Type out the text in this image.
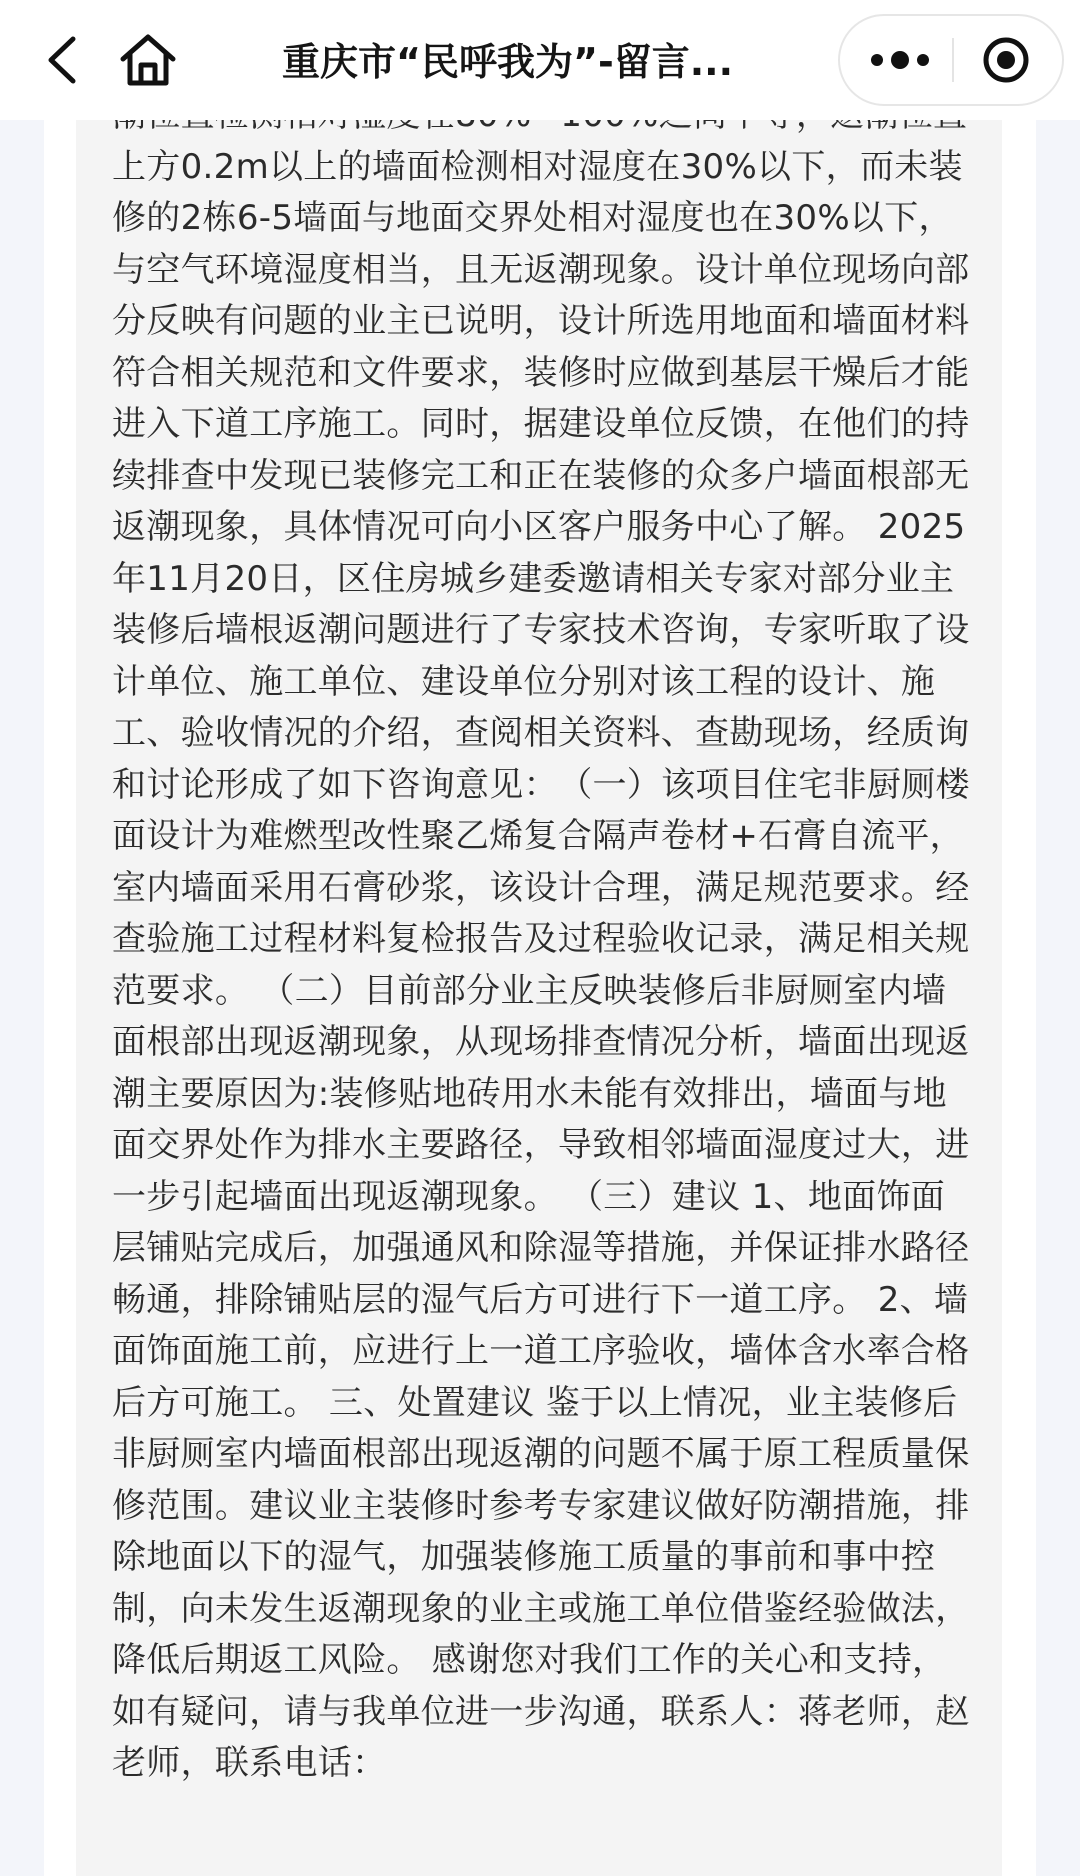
重庆市“民呼我为”-留言...

上方0.2m以上的墙面检测相对湿度在30%以下，而未装修的2栋6-5墙面与地面交界处相对湿度也在30%以下，与空气环境湿度相当，且无返潮现象。设计单位现场向部分反映有问题的业主已说明，设计所选用地面和墙面材料符合相关规范和文件要求，装修时应做到基层干燥后才能进入下道工序施工。同时，据建设单位反馈，在他们的持续排查中发现已装修完工和正在装修的众多户墙面根部无返潮现象，具体情况可向小区客户服务中心了解。 2025年11月20日，区住房城乡建委邀请相关专家对部分业主装修后墙根返潮问题进行了专家技术咨询，专家听取了设计单位、施工单位、建设单位分别对该工程的设计、施工、验收情况的介绍，查阅相关资料、查勘现场，经质询和讨论形成了如下咨询意见：　（一）该项目住宅非厨厕楼面设计为难燃型改性聚乙烯复合隔声卷材+石膏自流平，室内墙面采用石膏砂浆，该设计合理，满足规范要求。经查验施工过程材料复检报告及过程验收记录，满足相关规范要求。 （二）目前部分业主反映装修后非厨厕室内墙面根部出现返潮现象，从现场排查情况分析，墙面出现返潮主要原因为:装修贴地砖用水未能有效排出，墙面与地面交界处作为排水主要路径，导致相邻墙面湿度过大，进一步引起墙面出现返潮现象。 （三）建议 1、地面饰面层铺贴完成后，加强通风和除湿等措施，并保证排水路径畅通，排除铺贴层的湿气后方可进行下一道工序。 2、墙面饰面施工前，应进行上一道工序验收，墙体含水率合格后方可施工。 三、处置建议 鉴于以上情况，业主装修后非厨厕室内墙面根部出现返潮的问题不属于原工程质量保修范围。建议业主装修时参考专家建议做好防潮措施，排除地面以下的湿气，加强装修施工质量的事前和事中控制，向未发生返潮现象的业主或施工单位借鉴经验做法，降低后期返工风险。 感谢您对我们工作的关心和支持，如有疑问，请与我单位进一步沟通，联系人：蒋老师，赵老师，联系电话：
